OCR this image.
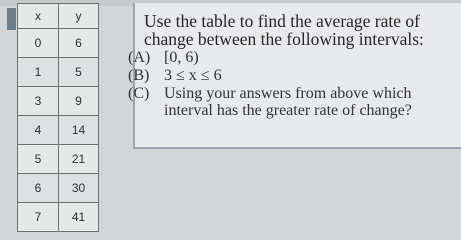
x	y
0	6
1	5
3	9
4	14
5	21
6	30
7	41

Use the table to find the average rate of
change between the following intervals:

(A) [0, 6)
(B) 3 ≤ x ≤ 6
(C) Using your answers from above which interval has the greater rate of change?
